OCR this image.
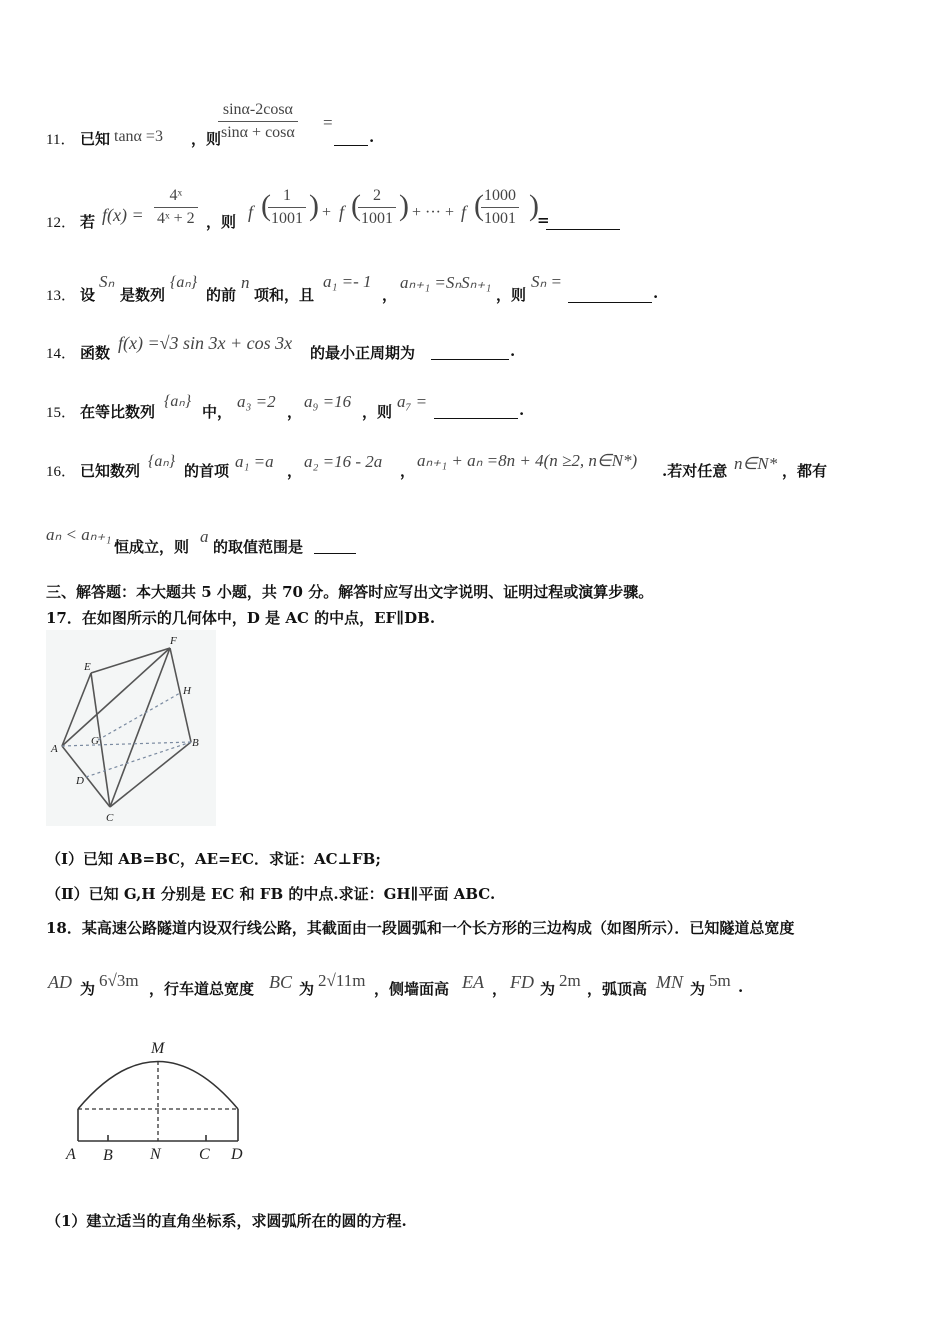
11． 已知 tanα =3 ，则
$\frac{\sin\alpha-2\cos\alpha}{\sin\alpha + \cos\alpha}$ =
.
12． 若 $f(x) = \frac{\text{4ˣ}}{\text{4ˣ + 2}}$ ，则 f (
$\frac{1}{1001}$ ) + f (
$\frac{2}{1001}$ ) + ··· + f (
$\frac{1000}{1001}$ )
=
13． 设
Sₙ
是数列
{aₙ}
的前
n
项和，且
a₁ =- 1
，
aₙ₊₁ =SₙSₙ₊₁
，则
Sₙ =
.
14． 函数 f(x) =√3 sin 3x + cos 3x 的最小正周期为	.
15． 在等比数列
{aₙ}
中，
a₃ =2
，
a₉ =16
，则
a₇ =	.
16． 已知数列
{aₙ}
的首项 a₁ =a ， a₂ =16 - 2a ，
aₙ₊₁ + aₙ =8n + 4(n ≥2, n∈N*)
.若对任意 n∈N* ，都有
aₙ < aₙ₊₁
恒成立，则
a
的取值范围是
三、解答题：本大题共 5 小题，共 70 分。解答时应写出文字说明、证明过程或演算步骤。
17．在如图所示的几何体中，D 是 AC 的中点，EF∥DB.
F
E
H
A
G	B
D
C
（Ⅰ）已知 AB=BC，AE=EC．求证：AC⊥FB;
（Ⅱ）已知 G,H 分别是 EC 和 FB 的中点.求证：GH∥平面 ABC.
18．某高速公路隧道内设双行线公路，其截面由一段圆弧和一个长方形的三边构成（如图所示）．已知隧道总宽度
AD 为 6√3m ，行车道总宽度 BC 为 2√11m ，侧墙面高 EA ， FD 为 2m ，弧顶高 MN 为 5m .
M
A B N C D
（1）建立适当的直角坐标系，求圆弧所在的圆的方程.
